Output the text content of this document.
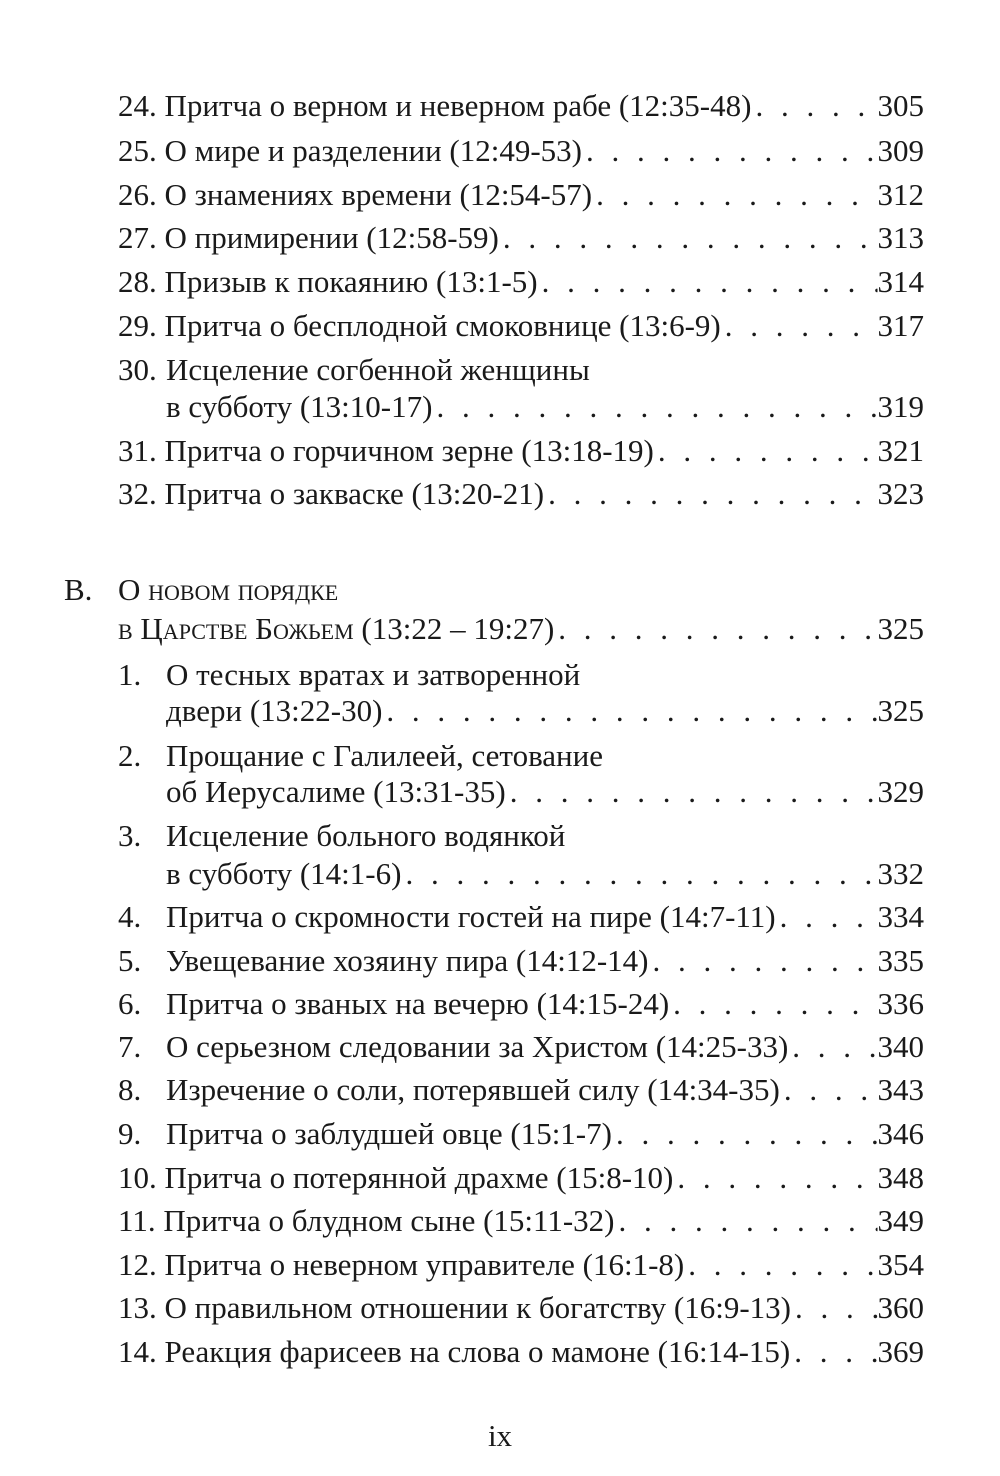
24. Притча о верном и неверном рабе (12:35-48) . . .	305
25. О мире и разделении (12:49-53) . . .	309
26. О знамениях времени (12:54-57) . . .	312
27. О примирении (12:58-59) . . .	313
28. Призыв к покаянию (13:1-5) . . .	314
29. Притча о бесплодной смоковнице (13:6-9) . . .	317
30. Исцеление согбенной женщины
в субботу (13:10-17) . . .	319
31. Притча о горчичном зерне (13:18-19) . . .	321
32. Притча о закваске (13:20-21) . . .	323
В. О новом порядке
в Царстве Божьем (13:22 – 19:27) . . .	325
1. О тесных вратах и затворенной
двери (13:22-30) . . .	325
2. Прощание с Галилеей, сетование
об Иерусалиме (13:31-35) . . .	329
3. Исцеление больного водянкой
в субботу (14:1-6) . . .	332
4. Притча о скромности гостей на пире (14:7-11) . . .	334
5. Увещевание хозяину пира (14:12-14) . . .	335
6. Притча о званых на вечерю (14:15-24) . . .	336
7. О серьезном следовании за Христом (14:25-33) . . .	340
8. Изречение о соли, потерявшей силу (14:34-35) . . .	343
9. Притча о заблудшей овце (15:1-7) . . .	346
10. Притча о потерянной драхме (15:8-10) . . .	348
11. Притча о блудном сыне (15:11-32) . . .	349
12. Притча о неверном управителе (16:1-8) . . .	354
13. О правильном отношении к богатству (16:9-13) . . .	360
14. Реакция фарисеев на слова о мамоне (16:14-15) . . .	369
ix
